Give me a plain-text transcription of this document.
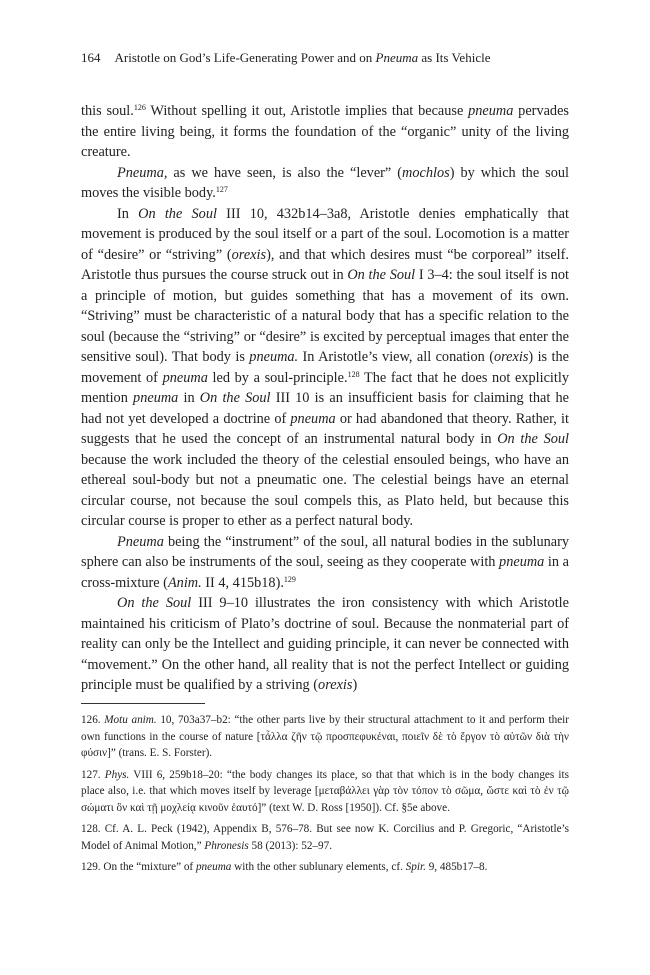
164 Aristotle on God’s Life-Generating Power and on Pneuma as Its Vehicle

this soul.$^{126}$ Without spelling it out, Aristotle implies that because pneuma pervades the entire living being, it forms the foundation of the “organic” unity of the living creature.

Pneuma, as we have seen, is also the “lever” (mochlos) by which the soul moves the visible body.$^{127}$

In On the Soul III 10, 432b14–3a8, Aristotle denies emphatically that movement is produced by the soul itself or a part of the soul. Locomotion is a matter of “desire” or “striving” (orexis), and that which desires must “be corporeal” itself. Aristotle thus pursues the course struck out in On the Soul I 3–4: the soul itself is not a principle of motion, but guides something that has a movement of its own. “Striving” must be characteristic of a natural body that has a specific relation to the soul (because the “striving” or “desire” is excited by perceptual images that enter the sensitive soul). That body is pneuma. In Aristotle’s view, all conation (orexis) is the movement of pneuma led by a soul-principle.$^{128}$ The fact that he does not explicitly mention pneuma in On the Soul III 10 is an insufficient basis for claiming that he had not yet developed a doctrine of pneuma or had abandoned that theory. Rather, it suggests that he used the concept of an instrumental natural body in On the Soul because the work included the theory of the celestial ensouled beings, who have an ethereal soul-body but not a pneumatic one. The celestial beings have an eternal circular course, not because the soul compels this, as Plato held, but because this circular course is proper to ether as a perfect natural body.

Pneuma being the “instrument” of the soul, all natural bodies in the sublunary sphere can also be instruments of the soul, seeing as they cooperate with pneuma in a cross-mixture (Anim. II 4, 415b18).$^{129}$

On the Soul III 9–10 illustrates the iron consistency with which Aristotle maintained his criticism of Plato’s doctrine of soul. Because the nonmaterial part of reality can only be the Intellect and guiding principle, it can never be connected with “movement.” On the other hand, all reality that is not the perfect Intellect or guiding principle must be qualified by a striving (orexis)

126. Motu anim. 10, 703a37–b2: “the other parts live by their structural attachment to it and perform their own functions in the course of nature [τἆλλα ζῆν τῷ προσπεφυκέναι, ποιεῖν δὲ τὸ ἔργον τὸ αὑτῶν διὰ τὴν φύσιν]” (trans. E. S. Forster).

127. Phys. VIII 6, 259b18–20: “the body changes its place, so that that which is in the body changes its place also, i.e. that which moves itself by leverage [μεταβάλλει γὰρ τὸν τόπον τὸ σῶμα, ὥστε καὶ τὸ ἐν τῷ σώματι ὂν καὶ τῇ μοχλείᾳ κινοῦν ἑαυτό]” (text W. D. Ross [1950]). Cf. §5e above.

128. Cf. A. L. Peck (1942), Appendix B, 576–78. But see now K. Corcilius and P. Gregoric, “Aristotle’s Model of Animal Motion,” Phronesis 58 (2013): 52–97.

129. On the “mixture” of pneuma with the other sublunary elements, cf. Spir. 9, 485b17–8.
